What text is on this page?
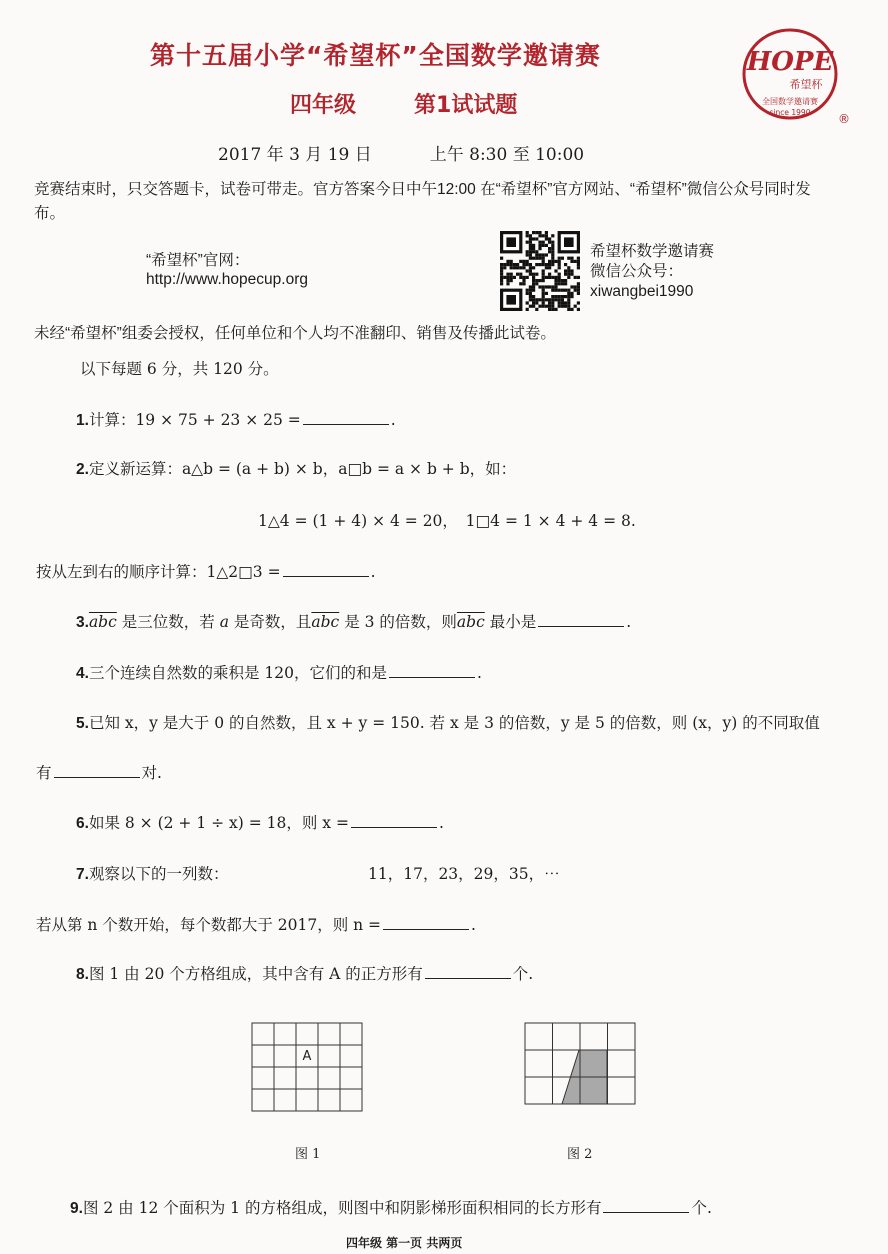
第十五届小学“希望杯”全国数学邀请赛
四年级	第1试试题
HOPE
希望杯
全国数学邀请赛
since 1990 ®
2017 年 3 月 19 日	上午 8:30 至 10:00
竞赛结束时，只交答题卡，试卷可带走。官方答案今日中午12:00 在“希望杯”官方网站、“希望杯”微信公众号同时发布。
“希望杯”官网：
http://www.hopecup.org
希望杯数学邀请赛
微信公众号：
xiwangbei1990
未经“希望杯”组委会授权，任何单位和个人均不准翻印、销售及传播此试卷。
以下每题 6 分，共 120 分。
1.计算：19 × 75 + 23 × 25 =	.
2.定义新运算：a△b = (a + b) × b，a□b = a × b + b，如：
1△4 = (1 + 4) × 4 = 20，　1□4 = 1 × 4 + 4 = 8.
按从左到右的顺序计算：1△2□3 =	.
$3.\overline{abc}$ 是三位数，若 a 是奇数，且$\overline{abc}$ 是 3 的倍数，则$\overline{abc}$ 最小是	.
4.三个连续自然数的乘积是 120，它们的和是	.
5.已知 x，y 是大于 0 的自然数，且 x + y = 150. 若 x 是 3 的倍数，y 是 5 的倍数，则 (x，y) 的不同取值
有	对.
6.如果 8 × (2 + 1 ÷ x) = 18，则 x =	.
7.观察以下的一列数：	11，17，23，29，35，⋯
若从第 n 个数开始，每个数都大于 2017，则 n =	.
8.图 1 由 20 个方格组成，其中含有 A 的正方形有	个.
A
图 1	图 2
9.图 2 由 12 个面积为 1 的方格组成，则图中和阴影梯形面积相同的长方形有	个.
四年级 第一页 共两页
